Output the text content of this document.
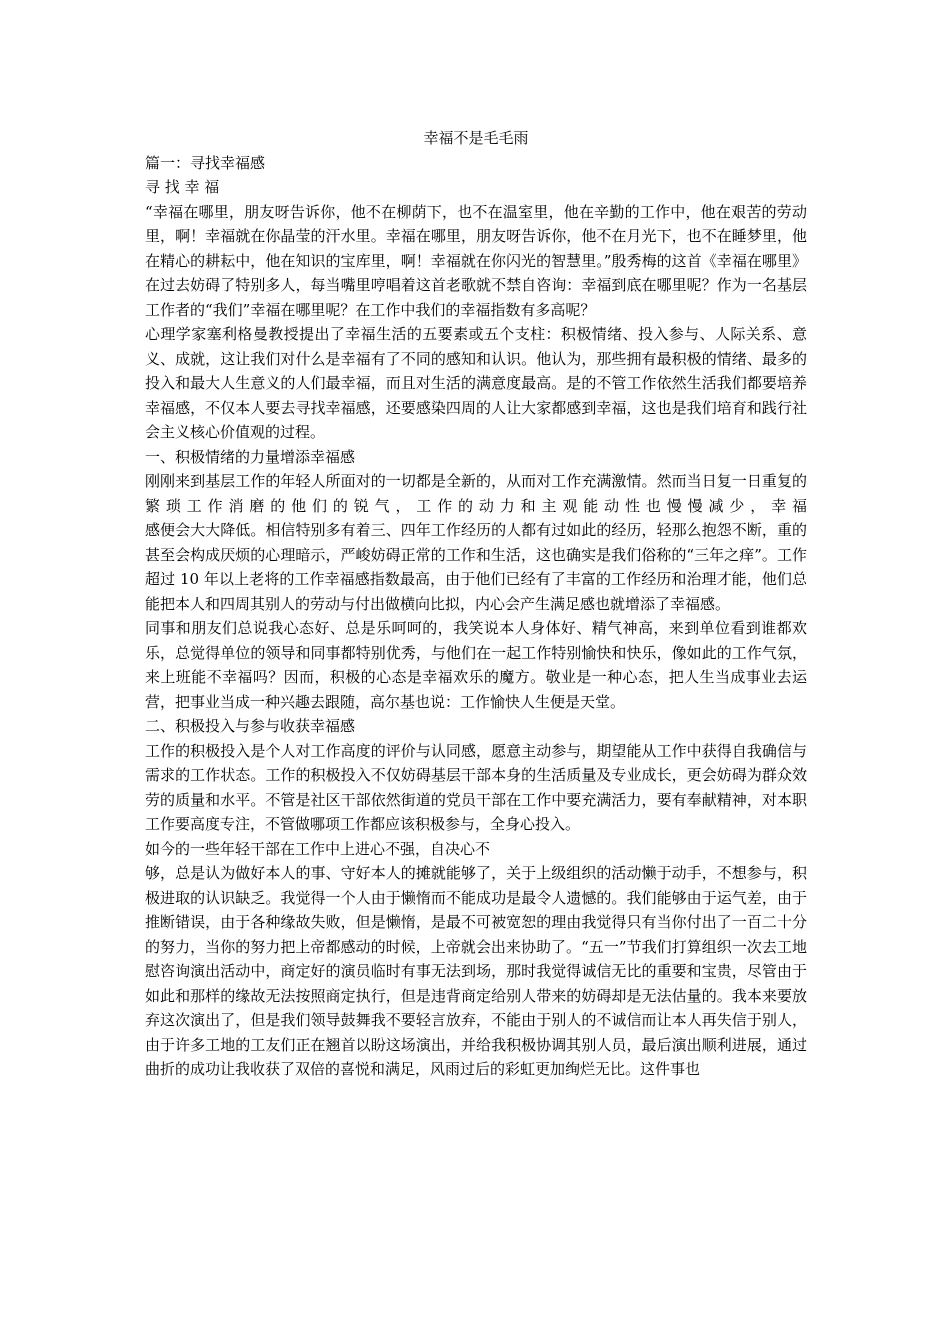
幸福不是毛毛雨
篇一：寻找幸福感
寻 找 幸 福

“幸福在哪里，朋友呀告诉你，他不在柳荫下，也不在温室里，他在辛勤的工作中，他在艰苦的劳动里，啊！幸福就在你晶莹的汗水里。幸福在哪里，朋友呀告诉你，他不在月光下，也不在睡梦里，他在精心的耕耘中，他在知识的宝库里，啊！幸福就在你闪光的智慧里。”殷秀梅的这首《幸福在哪里》在过去妨碍了特别多人，每当嘴里哼唱着这首老歌就不禁自咨询：幸福到底在哪里呢？作为一名基层工作者的“我们”幸福在哪里呢？在工作中我们的幸福指数有多高呢？

心理学家塞利格曼教授提出了幸福生活的五要素或五个支柱：积极情绪、投入参与、人际关系、意义、成就，这让我们对什么是幸福有了不同的感知和认识。他认为，那些拥有最积极的情绪、最多的投入和最大人生意义的人们最幸福，而且对生活的满意度最高。是的不管工作依然生活我们都要培养幸福感，不仅本人要去寻找幸福感，还要感染四周的人让大家都感到幸福，这也是我们培育和践行社会主义核心价值观的过程。

一、积极情绪的力量增添幸福感

刚刚来到基层工作的年轻人所面对的一切都是全新的，从而对工作充满激情。然而当日复一日重复的繁琐工作消磨的他们的锐气，工作的动力和主观能动性也慢慢减少，幸福

感便会大大降低。相信特别多有着三、四年工作经历的人都有过如此的经历，轻那么抱怨不断，重的甚至会构成厌烦的心理暗示，严峻妨碍正常的工作和生活，这也确实是我们俗称的“三年之痒”。工作超过 10 年以上老将的工作幸福感指数最高，由于他们已经有了丰富的工作经历和治理才能，他们总能把本人和四周其别人的劳动与付出做横向比拟，内心会产生满足感也就增添了幸福感。

同事和朋友们总说我心态好、总是乐呵呵的，我笑说本人身体好、精气神高，来到单位看到谁都欢乐，总觉得单位的领导和同事都特别优秀，与他们在一起工作特别愉快和快乐，像如此的工作气氛，来上班能不幸福吗？因而，积极的心态是幸福欢乐的魔方。敬业是一种心态，把人生当成事业去运营，把事业当成一种兴趣去跟随，高尔基也说：工作愉快人生便是天堂。

二、积极投入与参与收获幸福感

工作的积极投入是个人对工作高度的评价与认同感，愿意主动参与，期望能从工作中获得自我确信与需求的工作状态。工作的积极投入不仅妨碍基层干部本身的生活质量及专业成长，更会妨碍为群众效劳的质量和水平。不管是社区干部依然街道的党员干部在工作中要充满活力，要有奉献精神，对本职工作要高度专注，不管做哪项工作都应该积极参与，全身心投入。

如今的一些年轻干部在工作中上进心不强，自决心不

够，总是认为做好本人的事、守好本人的摊就能够了，关于上级组织的活动懒于动手，不想参与，积极进取的认识缺乏。我觉得一个人由于懒惰而不能成功是最令人遗憾的。我们能够由于运气差，由于推断错误，由于各种缘故失败，但是懒惰，是最不可被宽恕的理由我觉得只有当你付出了一百二十分的努力，当你的努力把上帝都感动的时候，上帝就会出来协助了。“五一”节我们打算组织一次去工地慰咨询演出活动中，商定好的演员临时有事无法到场，那时我觉得诚信无比的重要和宝贵，尽管由于如此和那样的缘故无法按照商定执行，但是违背商定给别人带来的妨碍却是无法估量的。我本来要放弃这次演出了，但是我们领导鼓舞我不要轻言放弃，不能由于别人的不诚信而让本人再失信于别人，由于许多工地的工友们正在翘首以盼这场演出，并给我积极协调其别人员，最后演出顺利进展，通过曲折的成功让我收获了双倍的喜悦和满足，风雨过后的彩虹更加绚烂无比。这件事也
